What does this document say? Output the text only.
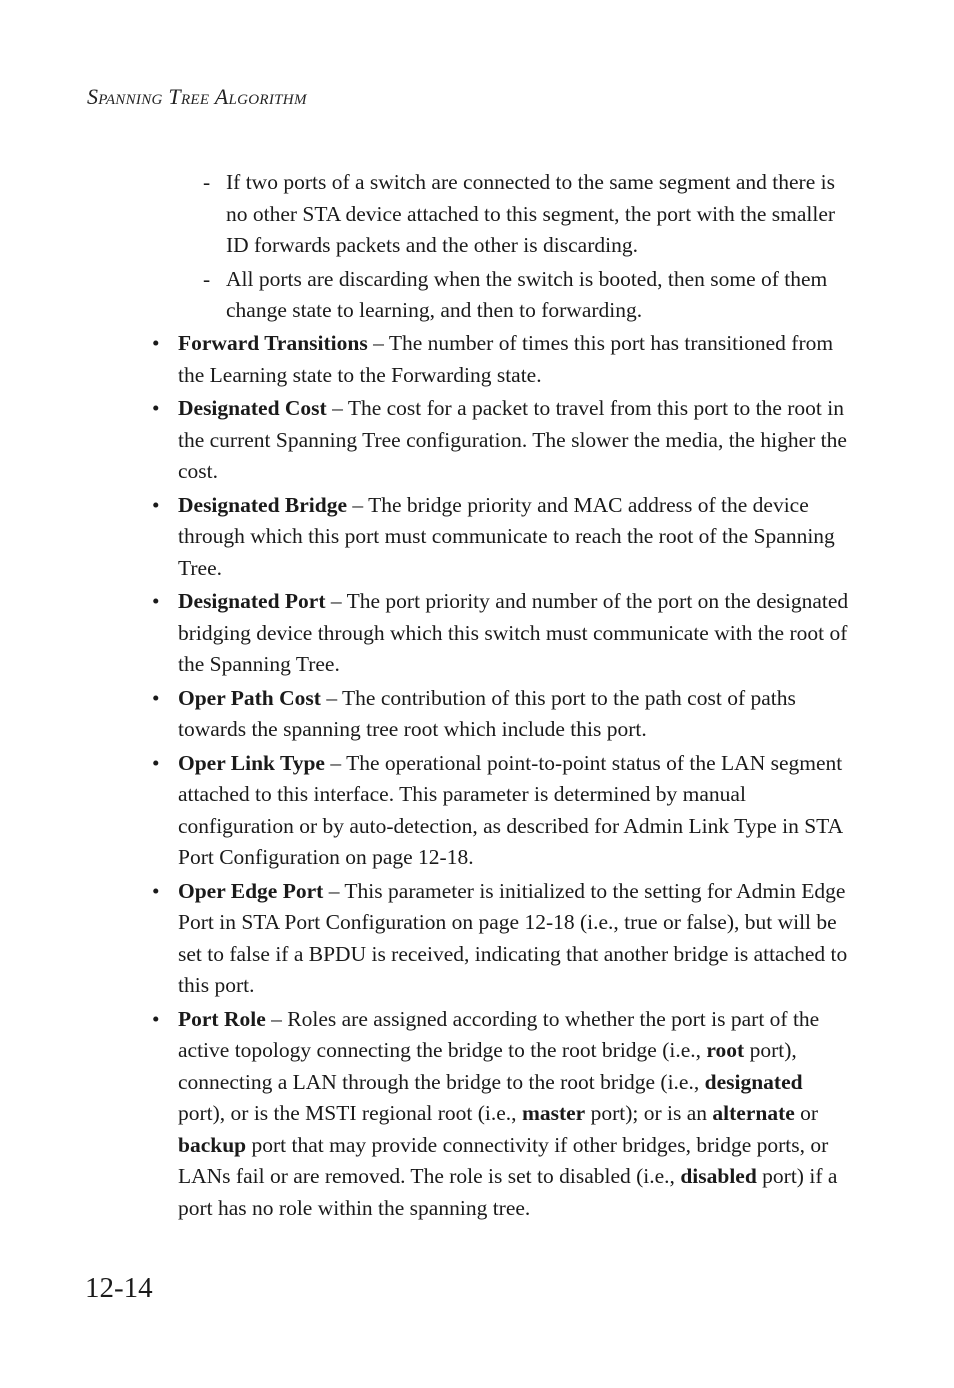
Spanning Tree Algorithm
- If two ports of a switch are connected to the same segment and there is no other STA device attached to this segment, the port with the smaller ID forwards packets and the other is discarding.
- All ports are discarding when the switch is booted, then some of them change state to learning, and then to forwarding.
• Forward Transitions – The number of times this port has transitioned from the Learning state to the Forwarding state.
• Designated Cost – The cost for a packet to travel from this port to the root in the current Spanning Tree configuration. The slower the media, the higher the cost.
• Designated Bridge – The bridge priority and MAC address of the device through which this port must communicate to reach the root of the Spanning Tree.
• Designated Port – The port priority and number of the port on the designated bridging device through which this switch must communicate with the root of the Spanning Tree.
• Oper Path Cost – The contribution of this port to the path cost of paths towards the spanning tree root which include this port.
• Oper Link Type – The operational point-to-point status of the LAN segment attached to this interface. This parameter is determined by manual configuration or by auto-detection, as described for Admin Link Type in STA Port Configuration on page 12-18.
• Oper Edge Port – This parameter is initialized to the setting for Admin Edge Port in STA Port Configuration on page 12-18 (i.e., true or false), but will be set to false if a BPDU is received, indicating that another bridge is attached to this port.
• Port Role – Roles are assigned according to whether the port is part of the active topology connecting the bridge to the root bridge (i.e., root port), connecting a LAN through the bridge to the root bridge (i.e., designated port), or is the MSTI regional root (i.e., master port); or is an alternate or backup port that may provide connectivity if other bridges, bridge ports, or LANs fail or are removed. The role is set to disabled (i.e., disabled port) if a port has no role within the spanning tree.
12-14
